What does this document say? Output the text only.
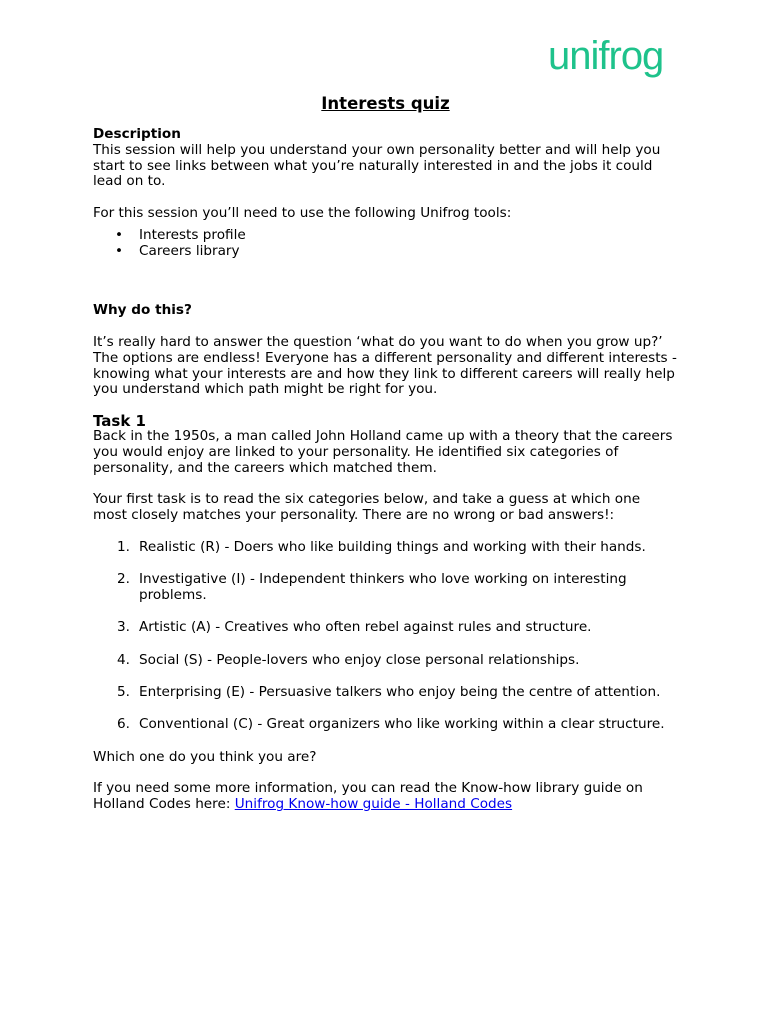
unifrog
Interests quiz

Description

This session will help you understand your own personality better and will help you start to see links between what you’re naturally interested in and the jobs it could lead on to.

For this session you’ll need to use the following Unifrog tools:

• Interests profile
• Careers library

Why do this?

It’s really hard to answer the question ‘what do you want to do when you grow up?’ The options are endless! Everyone has a different personality and different interests - knowing what your interests are and how they link to different careers will really help you understand which path might be right for you.

Task 1

Back in the 1950s, a man called John Holland came up with a theory that the careers you would enjoy are linked to your personality. He identified six categories of personality, and the careers which matched them.

Your first task is to read the six categories below, and take a guess at which one most closely matches your personality. There are no wrong or bad answers!:

1. Realistic (R) - Doers who like building things and working with their hands.
2. Investigative (I) - Independent thinkers who love working on interesting problems.
3. Artistic (A) - Creatives who often rebel against rules and structure.
4. Social (S) - People-lovers who enjoy close personal relationships.
5. Enterprising (E) - Persuasive talkers who enjoy being the centre of attention.
6. Conventional (C) - Great organizers who like working within a clear structure.

Which one do you think you are?

If you need some more information, you can read the Know-how library guide on Holland Codes here: Unifrog Know-how guide - Holland Codes
